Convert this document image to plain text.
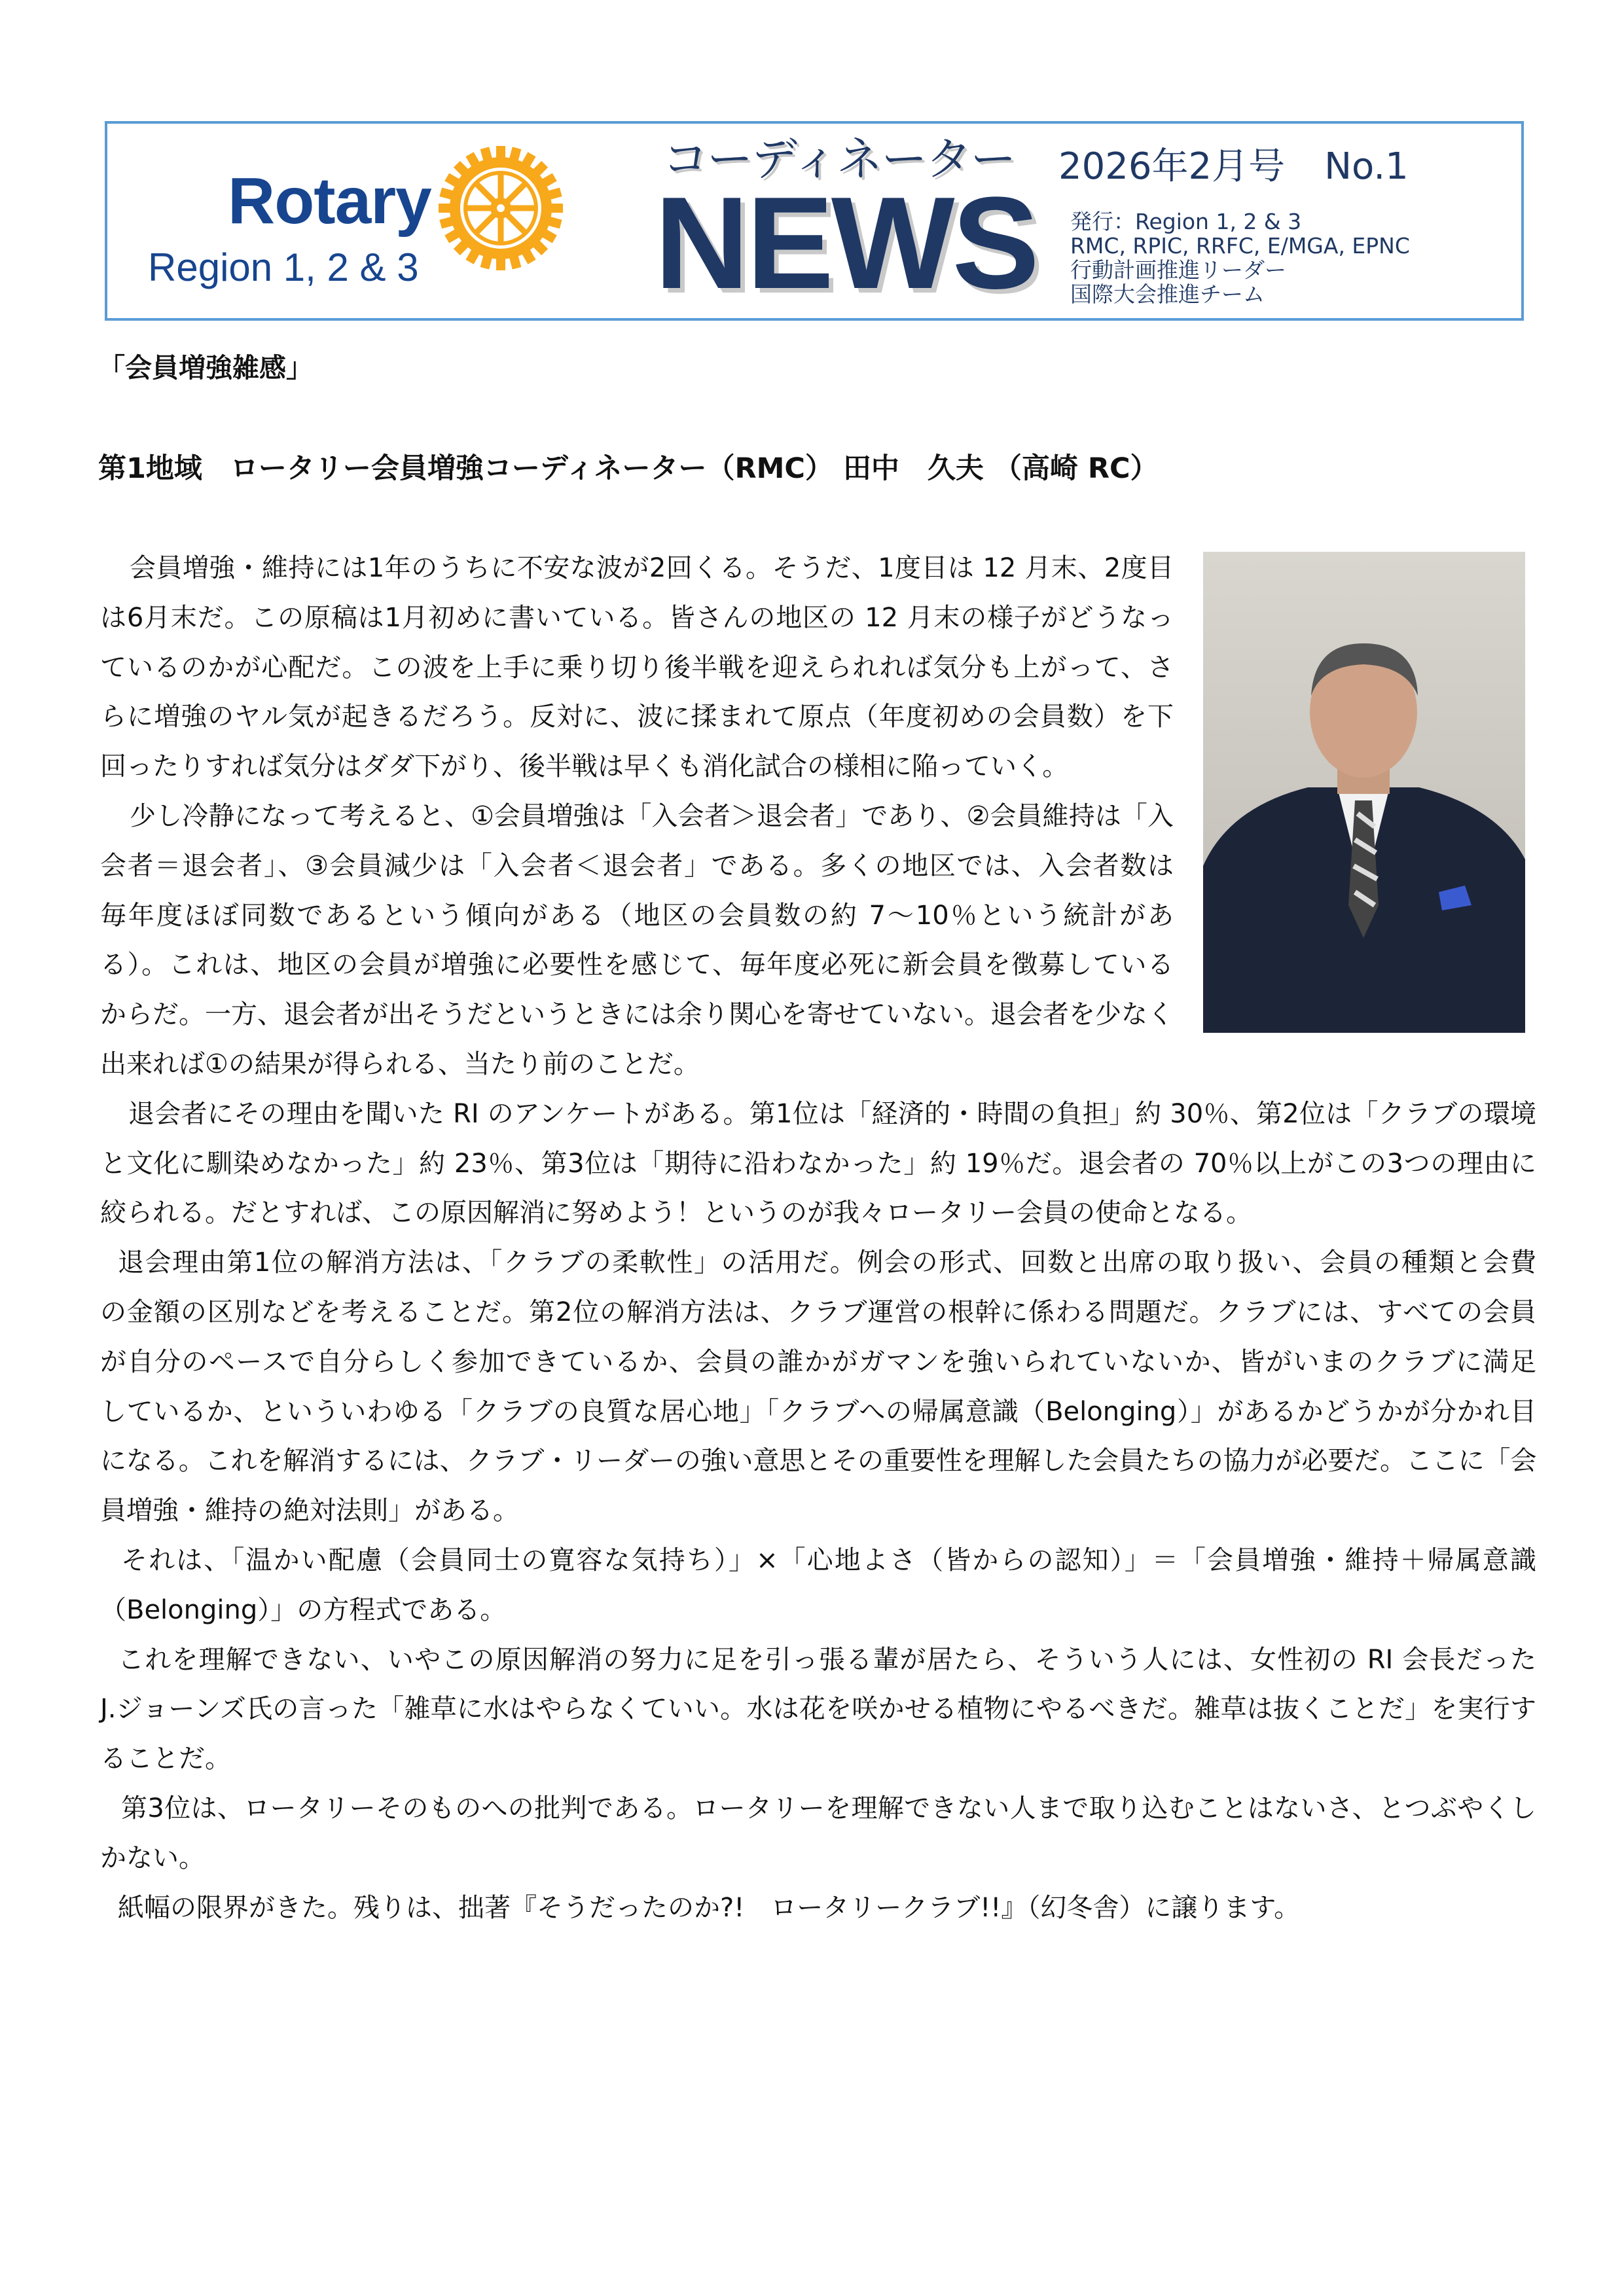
Rotary
Region 1, 2 & 3
コーディネーター
NEWS
2026年2月号 No.1
発行：Region 1, 2 & 3
RMC, RPIC, RRFC, E/MGA, EPNC
行動計画推進リーダー
国際大会推進チーム
「会員増強雑感」
第1地域　ロータリー会員増強コーディネーター（RMC） 田中　久夫 （高崎 RC）
会員増強・維持には1年のうちに不安な波が2回くる。そうだ、1度目は 12 月末、2度目
は6月末だ。この原稿は1月初めに書いている。皆さんの地区の 12 月末の様子がどうなっ
ているのかが心配だ。この波を上手に乗り切り後半戦を迎えられれば気分も上がって、さ
らに増強のヤル気が起きるだろう。反対に、波に揉まれて原点（年度初めの会員数）を下
回ったりすれば気分はダダ下がり、後半戦は早くも消化試合の様相に陥っていく。
少し冷静になって考えると、①会員増強は「入会者＞退会者」であり、②会員維持は「入
会者＝退会者」、③会員減少は「入会者＜退会者」である。多くの地区では、入会者数は
毎年度ほぼ同数であるという傾向がある（地区の会員数の約 7～10％という統計があ
る）。これは、地区の会員が増強に必要性を感じて、毎年度必死に新会員を徴募している
からだ。一方、退会者が出そうだというときには余り関心を寄せていない。退会者を少なく
出来れば①の結果が得られる、当たり前のことだ。
退会者にその理由を聞いた RI のアンケートがある。第1位は「経済的・時間の負担」約 30％、第2位は「クラブの環境
と文化に馴染めなかった」約 23％、第3位は「期待に沿わなかった」約 19％だ。退会者の 70％以上がこの3つの理由に
絞られる。だとすれば、この原因解消に努めよう！というのが我々ロータリー会員の使命となる。
退会理由第1位の解消方法は、「クラブの柔軟性」の活用だ。例会の形式、回数と出席の取り扱い、会員の種類と会費
の金額の区別などを考えることだ。第2位の解消方法は、クラブ運営の根幹に係わる問題だ。クラブには、すべての会員
が自分のペースで自分らしく参加できているか、会員の誰かがガマンを強いられていないか、皆がいまのクラブに満足
しているか、といういわゆる「クラブの良質な居心地」「クラブへの帰属意識（Belonging）」があるかどうかが分かれ目
になる。これを解消するには、クラブ・リーダーの強い意思とその重要性を理解した会員たちの協力が必要だ。ここに「会
員増強・維持の絶対法則」がある。
それは、「温かい配慮（会員同士の寛容な気持ち）」×「心地よさ（皆からの認知）」＝「会員増強・維持＋帰属意識
（Belonging）」の方程式である。
これを理解できない、いやこの原因解消の努力に足を引っ張る輩が居たら、そういう人には、女性初の RI 会長だった
J.ジョーンズ氏の言った「雑草に水はやらなくていい。水は花を咲かせる植物にやるべきだ。雑草は抜くことだ」を実行す
ることだ。
第3位は、ロータリーそのものへの批判である。ロータリーを理解できない人まで取り込むことはないさ、とつぶやくし
かない。
紙幅の限界がきた。残りは、拙著『そうだったのか?!　ロータリークラブ!!』（幻冬舎）に譲ります。
